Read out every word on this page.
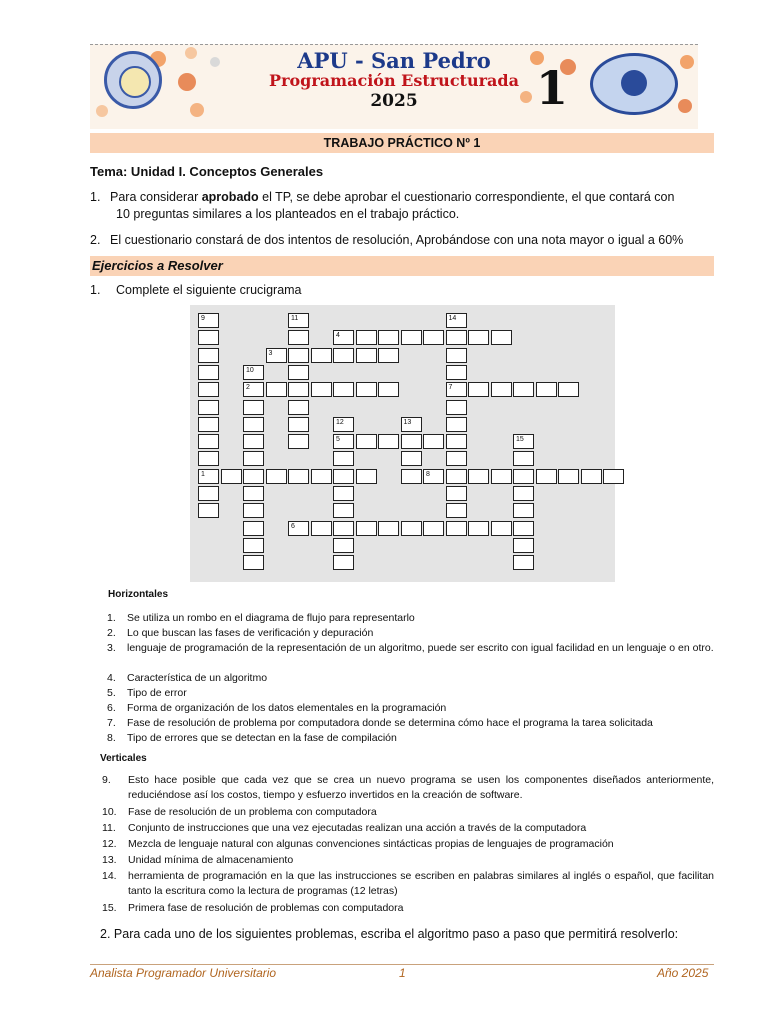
APU - San Pedro
Programación Estructurada
2025	1
TRABAJO PRÁCTICO Nº 1
Tema: Unidad I. Conceptos Generales
1. Para considerar aprobado el TP, se debe aprobar el cuestionario correspondiente, el que contará con
10 preguntas similares a los planteados en el trabajo práctico.
2. El cuestionario constará de dos intentos de resolución, Aprobándose con una nota mayor o igual a 60%
Ejercicios a Resolver
1.	Complete el siguiente crucigrama
9
1
11	14
7
10
2
12
5
13
15
4
3
8
6
Horizontales
1.	Se utiliza un rombo en el diagrama de flujo para representarlo
2.	Lo que buscan las fases de verificación y depuración
3.	lenguaje de programación de la representación de un algoritmo, puede ser escrito con igual facilidad en un lenguaje o en otro.
4.	Característica de un algoritmo
5.	Tipo de error
6.	Forma de organización de los datos elementales en la programación
7.	Fase de resolución de problema por computadora donde se determina cómo hace el programa la tarea solicitada
8.	Tipo de errores que se detectan en la fase de compilación
Verticales
9.	Esto hace posible que cada vez que se crea un nuevo programa se usen los componentes diseñados anteriormente, reduciéndose así los costos, tiempo y esfuerzo invertidos en la creación de software.
10.	Fase de resolución de un problema con computadora
11.	Conjunto de instrucciones que una vez ejecutadas realizan una acción a través de la computadora
12.	Mezcla de lenguaje natural con algunas convenciones sintácticas propias de lenguajes de programación
13.	Unidad mínima de almacenamiento
14.	herramienta de programación en la que las instrucciones se escriben en palabras similares al inglés o español, que facilitan tanto la escritura como la lectura de programas (12 letras)
15.	Primera fase de resolución de problemas con computadora
2. Para cada uno de los siguientes problemas, escriba el algoritmo paso a paso que permitirá resolverlo:
Analista Programador Universitario	1	Año 2025
